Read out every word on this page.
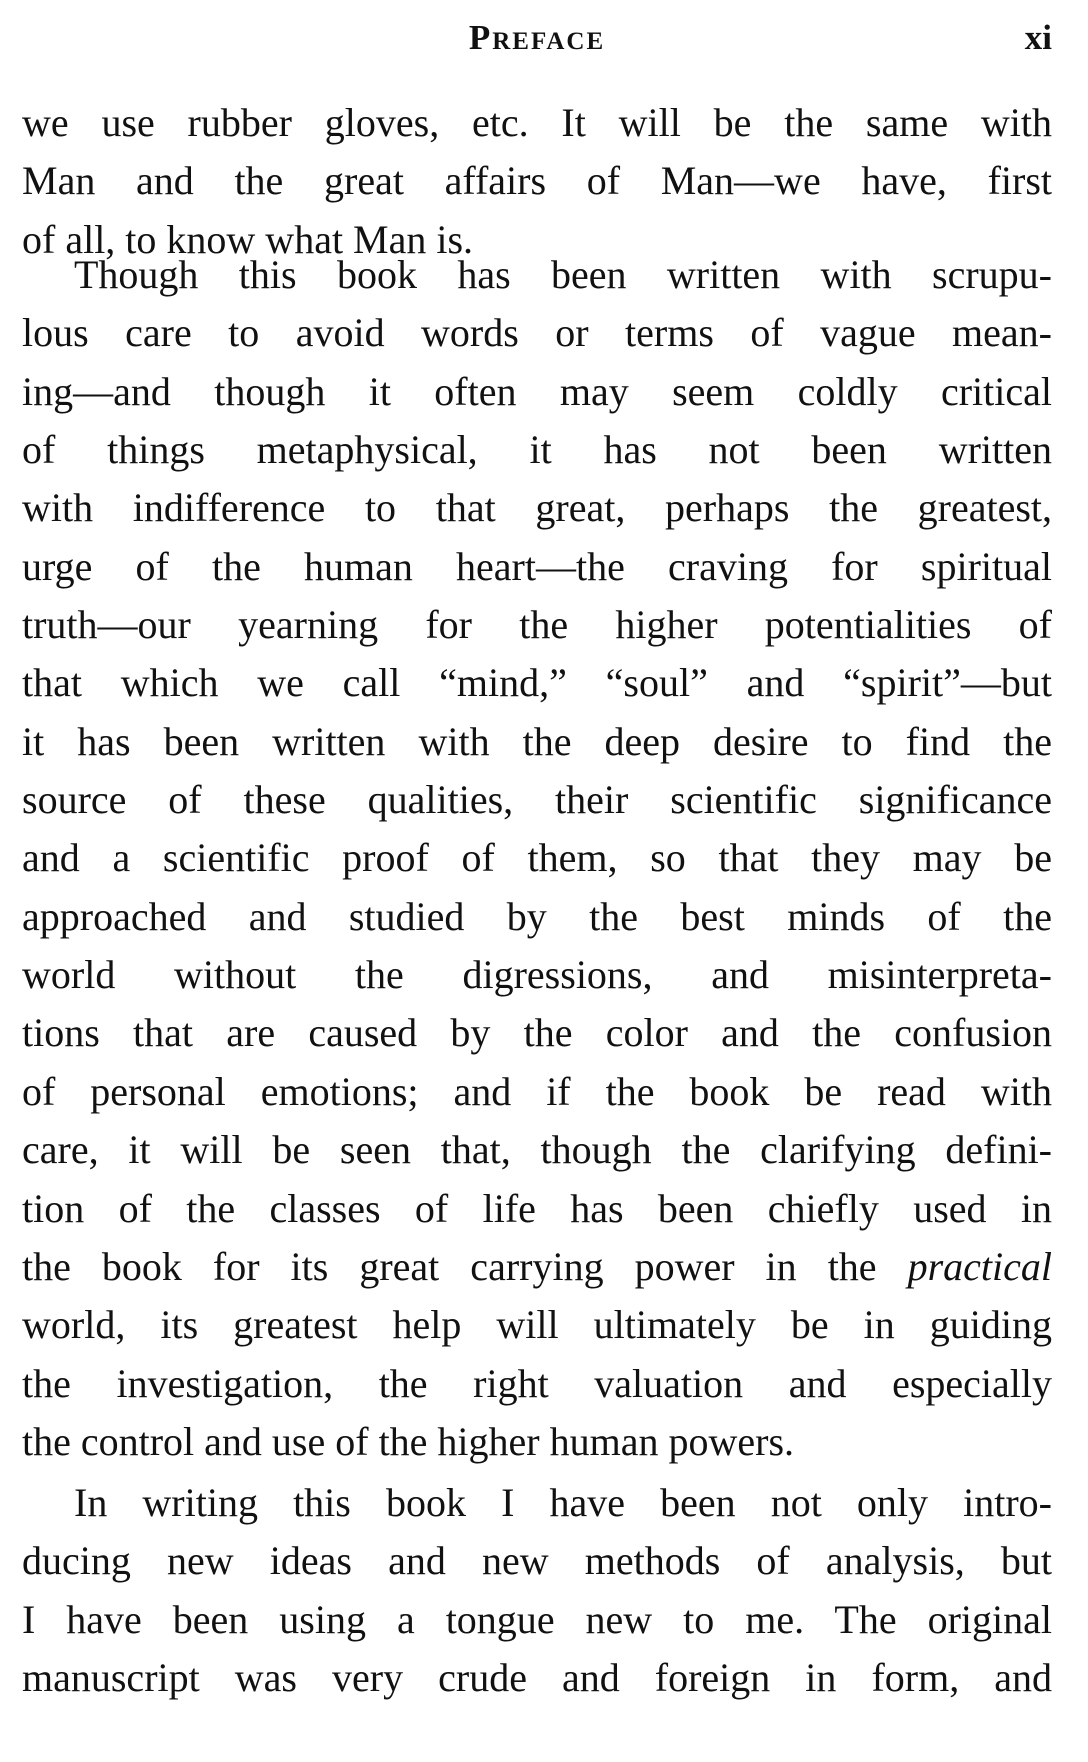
Preface	xi
we use rubber gloves, etc. It will be the same with
Man and the great affairs of Man—we have, first
of all, to know what Man is.
Though this book has been written with scrupu-
lous care to avoid words or terms of vague mean-
ing—and though it often may seem coldly critical
of things metaphysical, it has not been written
with indifference to that great, perhaps the greatest,
urge of the human heart—the craving for spiritual
truth—our yearning for the higher potentialities of
that which we call “mind,” “soul” and “spirit”—but
it has been written with the deep desire to find the
source of these qualities, their scientific significance
and a scientific proof of them, so that they may be
approached and studied by the best minds of the
world without the digressions, and misinterpreta-
tions that are caused by the color and the confusion
of personal emotions; and if the book be read with
care, it will be seen that, though the clarifying defini-
tion of the classes of life has been chiefly used in
the book for its great carrying power in the practical
world, its greatest help will ultimately be in guiding
the investigation, the right valuation and especially
the control and use of the higher human powers.
In writing this book I have been not only intro-
ducing new ideas and new methods of analysis, but
I have been using a tongue new to me. The original
manuscript was very crude and foreign in form, and
